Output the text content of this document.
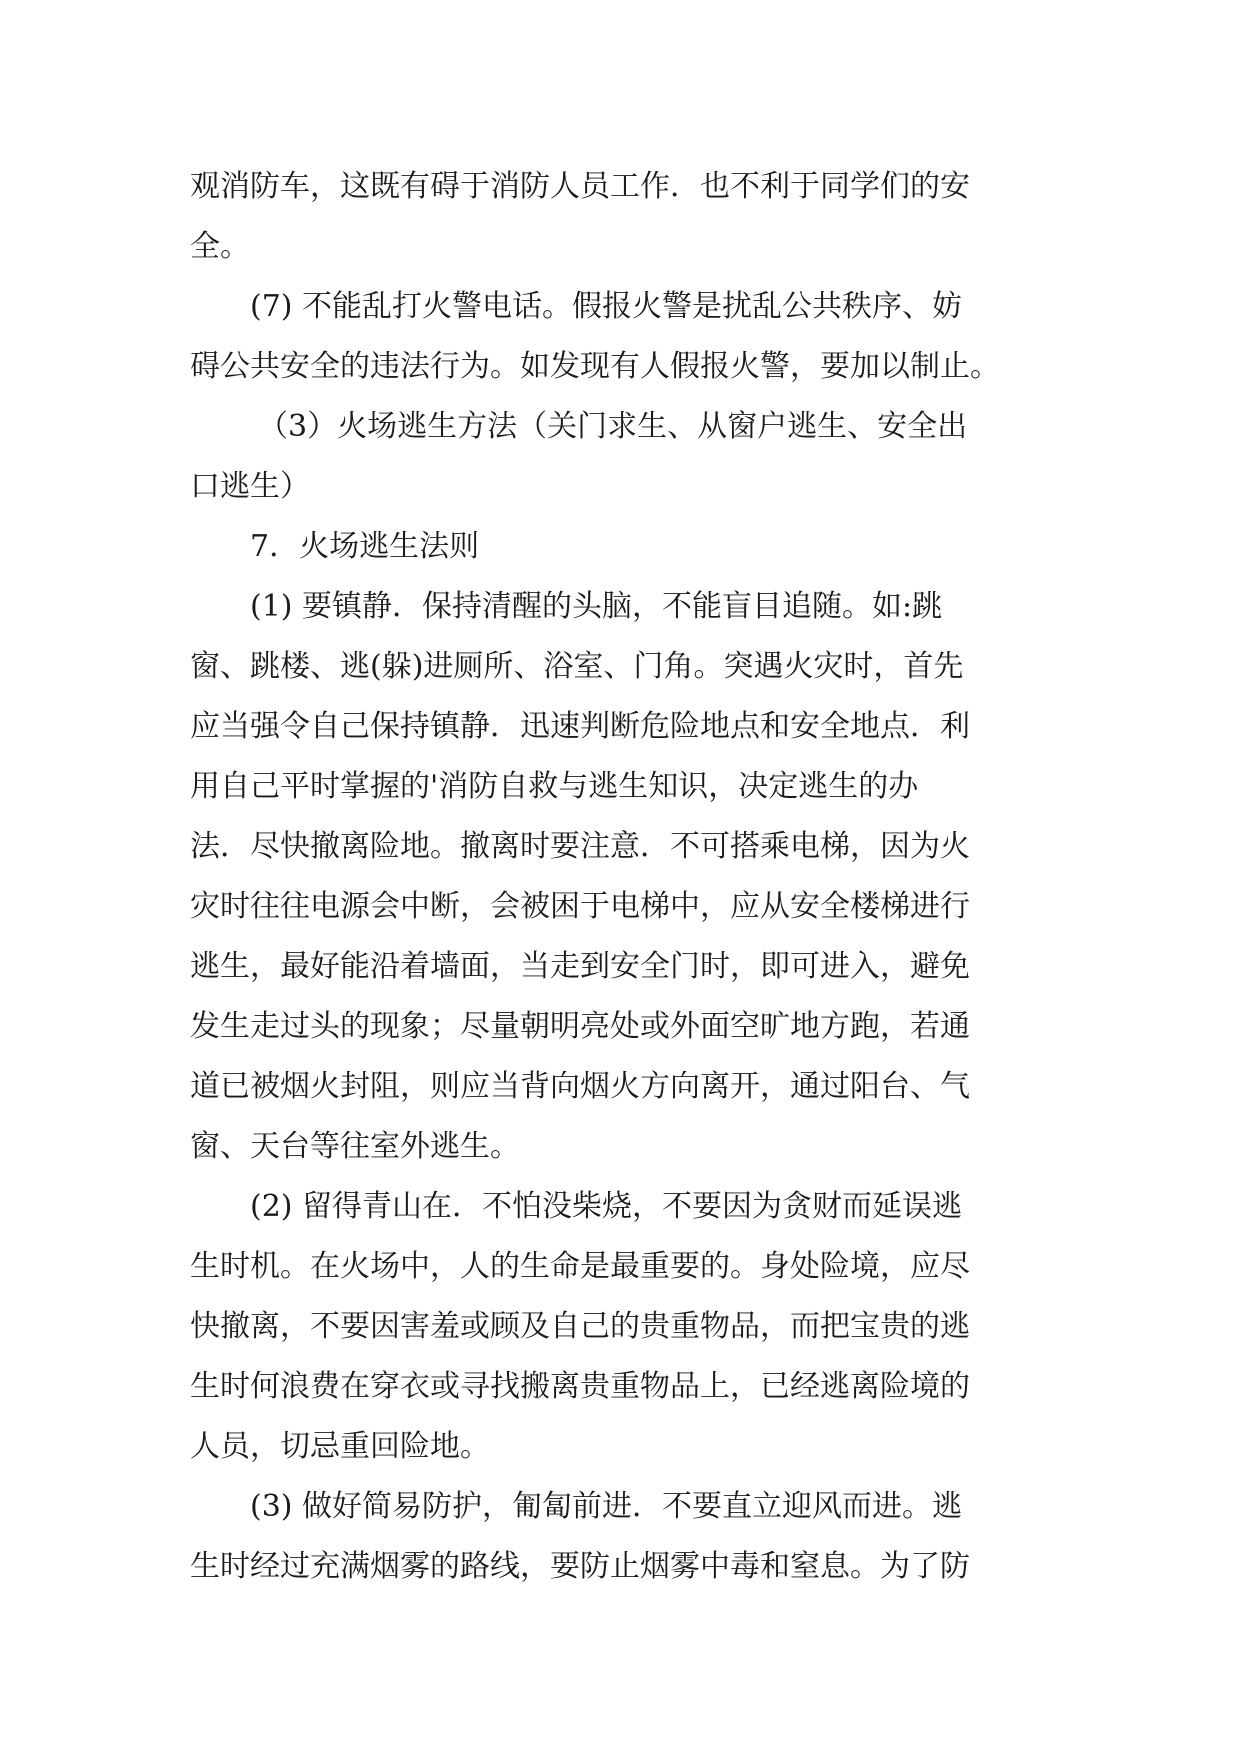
观消防车，这既有碍于消防人员工作．也不利于同学们的安
全。
(7) 不能乱打火警电话。假报火警是扰乱公共秩序、妨
碍公共安全的违法行为。如发现有人假报火警，要加以制止。
（3）火场逃生方法（关门求生、从窗户逃生、安全出
口逃生）
7．火场逃生法则
(1) 要镇静．保持清醒的头脑，不能盲目追随。如:跳
窗、跳楼、逃(躲)进厕所、浴室、门角。突遇火灾时，首先
应当强令自己保持镇静．迅速判断危险地点和安全地点．利
用自己平时掌握的'消防自救与逃生知识，决定逃生的办
法．尽快撤离险地。撤离时要注意．不可搭乘电梯，因为火
灾时往往电源会中断，会被困于电梯中，应从安全楼梯进行
逃生，最好能沿着墙面，当走到安全门时，即可进入，避免
发生走过头的现象；尽量朝明亮处或外面空旷地方跑，若通
道已被烟火封阻，则应当背向烟火方向离开，通过阳台、气
窗、天台等往室外逃生。
(2) 留得青山在．不怕没柴烧，不要因为贪财而延误逃
生时机。在火场中，人的生命是最重要的。身处险境，应尽
快撤离，不要因害羞或顾及自己的贵重物品，而把宝贵的逃
生时何浪费在穿衣或寻找搬离贵重物品上，已经逃离险境的
人员，切忌重回险地。
(3) 做好简易防护，匍匐前进．不要直立迎风而进。逃
生时经过充满烟雾的路线，要防止烟雾中毒和窒息。为了防
